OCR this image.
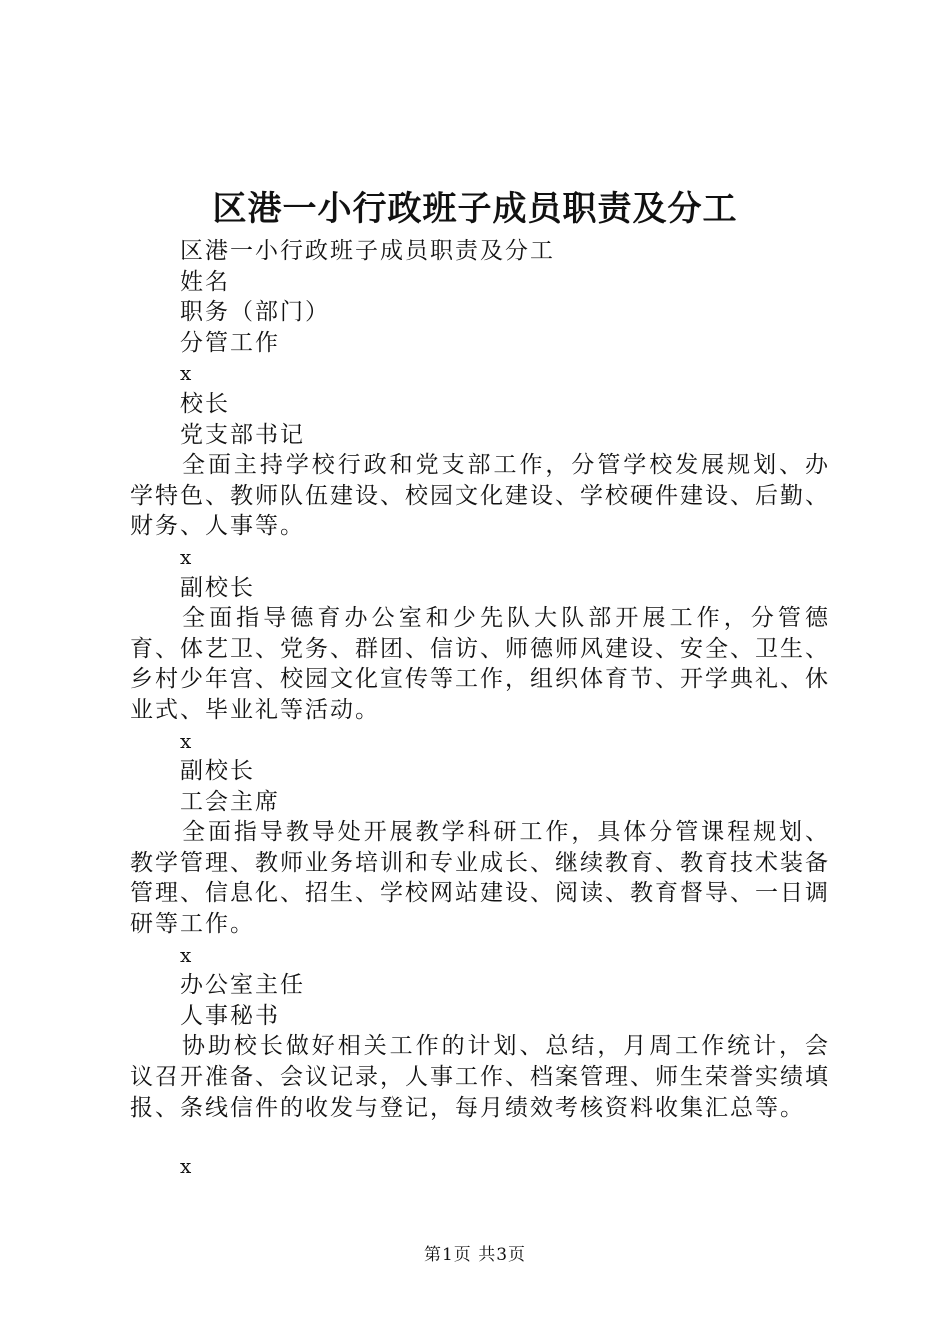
区港一小行政班子成员职责及分工
区港一小行政班子成员职责及分工
姓名
职务（部门）
分管工作
x
校长
党支部书记

全面主持学校行政和党支部工作，分管学校发展规划、办学特色、教师队伍建设、校园文化建设、学校硬件建设、后勤、财务、人事等。

x
副校长

全面指导德育办公室和少先队大队部开展工作，分管德育、体艺卫、党务、群团、信访、师德师风建设、安全、卫生、乡村少年宫、校园文化宣传等工作，组织体育节、开学典礼、休业式、毕业礼等活动。

x
副校长
工会主席

全面指导教导处开展教学科研工作，具体分管课程规划、教学管理、教师业务培训和专业成长、继续教育、教育技术装备管理、信息化、招生、学校网站建设、阅读、教育督导、一日调研等工作。

x
办公室主任
人事秘书

协助校长做好相关工作的计划、总结，月周工作统计，会议召开准备、会议记录，人事工作、档案管理、师生荣誉实绩填报、条线信件的收发与登记，每月绩效考核资料收集汇总等。

x
第1页 共3页
